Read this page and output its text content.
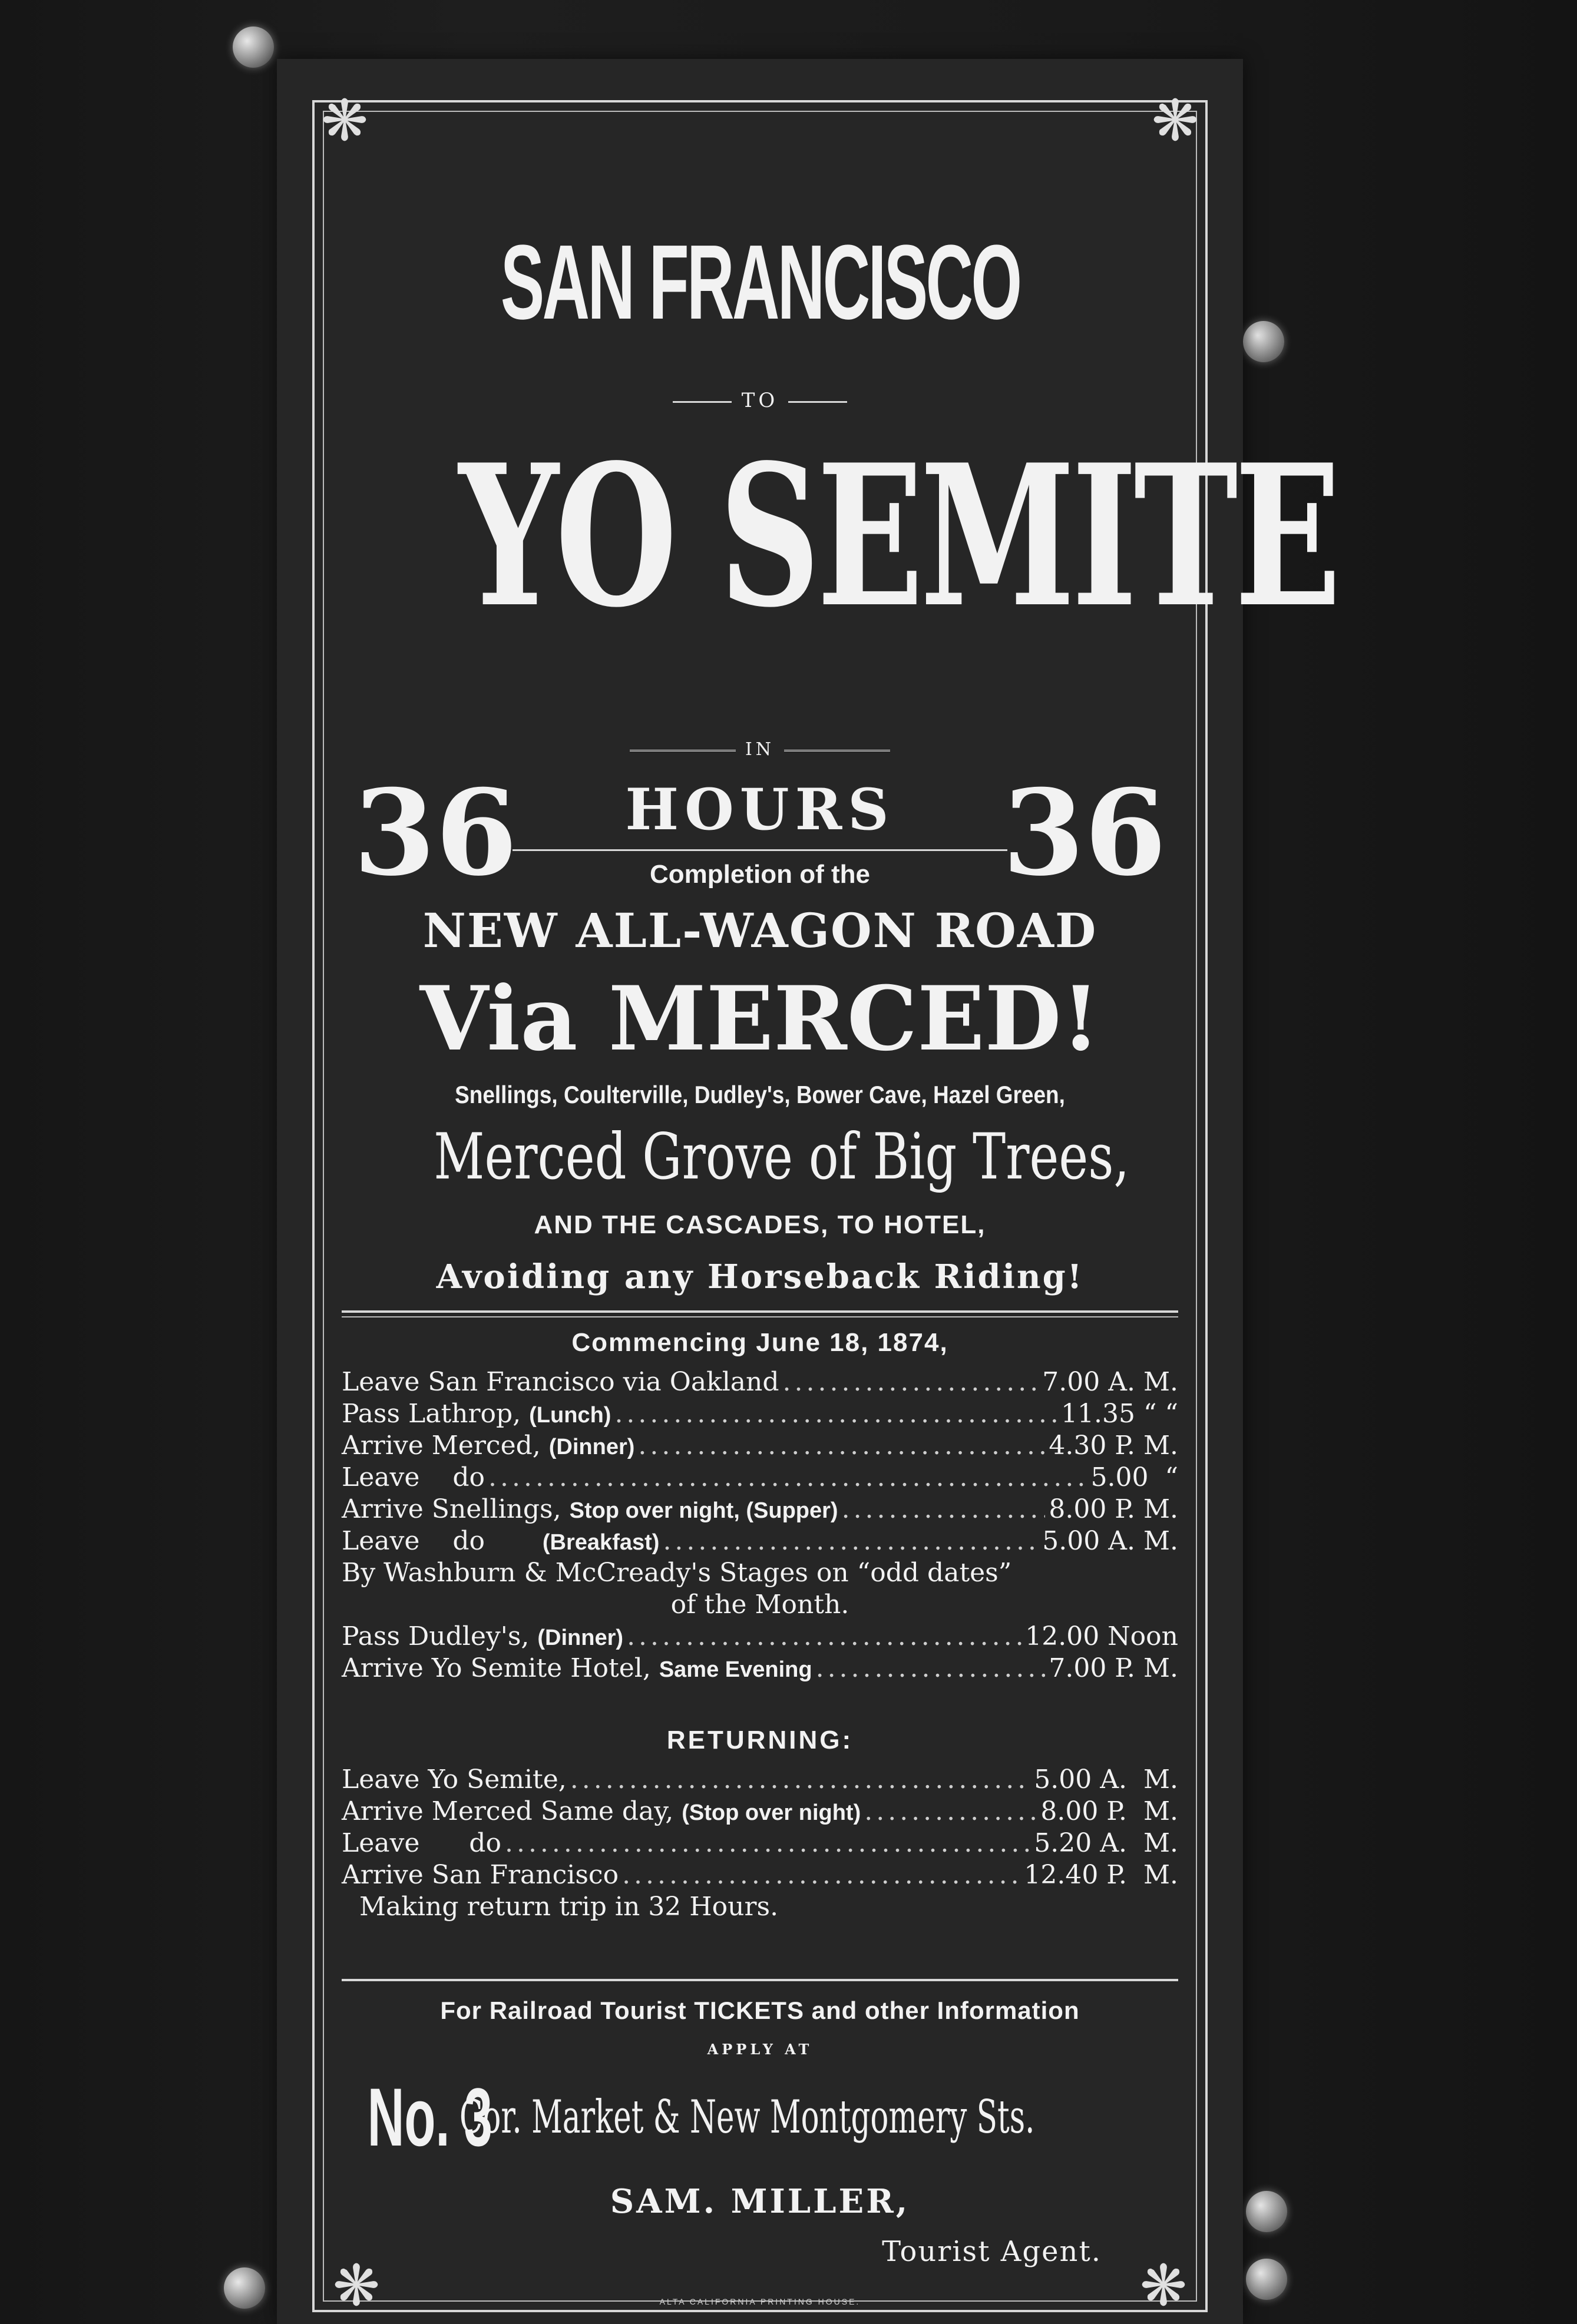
❋	❋
❋	❋
SAN FRANCISCO
TO
YO SEMITE
IN
36	36
HOURS
Completion of the
NEW ALL-WAGON ROAD
Via MERCED!
Snellings, Coulterville, Dudley's, Bower Cave, Hazel Green,
Merced Grove of Big Trees,
AND THE CASCADES, TO HOTEL,
Avoiding any Horseback Riding!
Commencing June 18, 1874,
Leave San Francisco via Oakland .....	7.00 A. M.
Pass Lathrop, (Lunch) .....	11.35 “ “
Arrive Merced, (Dinner) .....	4.30 P. M.
Leave    do .....	5.00  “
Arrive Snellings, Stop over night, (Supper) .....	8.00 P. M.
Leave    do       (Breakfast) .....	5.00 A. M.
By Washburn & McCready's Stages on “odd dates”
of the Month.
Pass Dudley's, (Dinner) .....	12.00 Noon
Arrive Yo Semite Hotel, Same Evening .....	7.00 P. M.
RETURNING:
Leave Yo Semite, .....	5.00 A.  M.
Arrive Merced Same day, (Stop over night) .....	8.00 P.  M.
Leave      do .....	5.20 A.  M.
Arrive San Francisco .....	12.40 P.  M.
Making return trip in 32 Hours.
For Railroad Tourist TICKETS and other Information
APPLY AT
No. 3
Cor. Market & New Montgomery Sts.
SAM. MILLER,
Tourist Agent.
ALTA CALIFORNIA PRINTING HOUSE.
